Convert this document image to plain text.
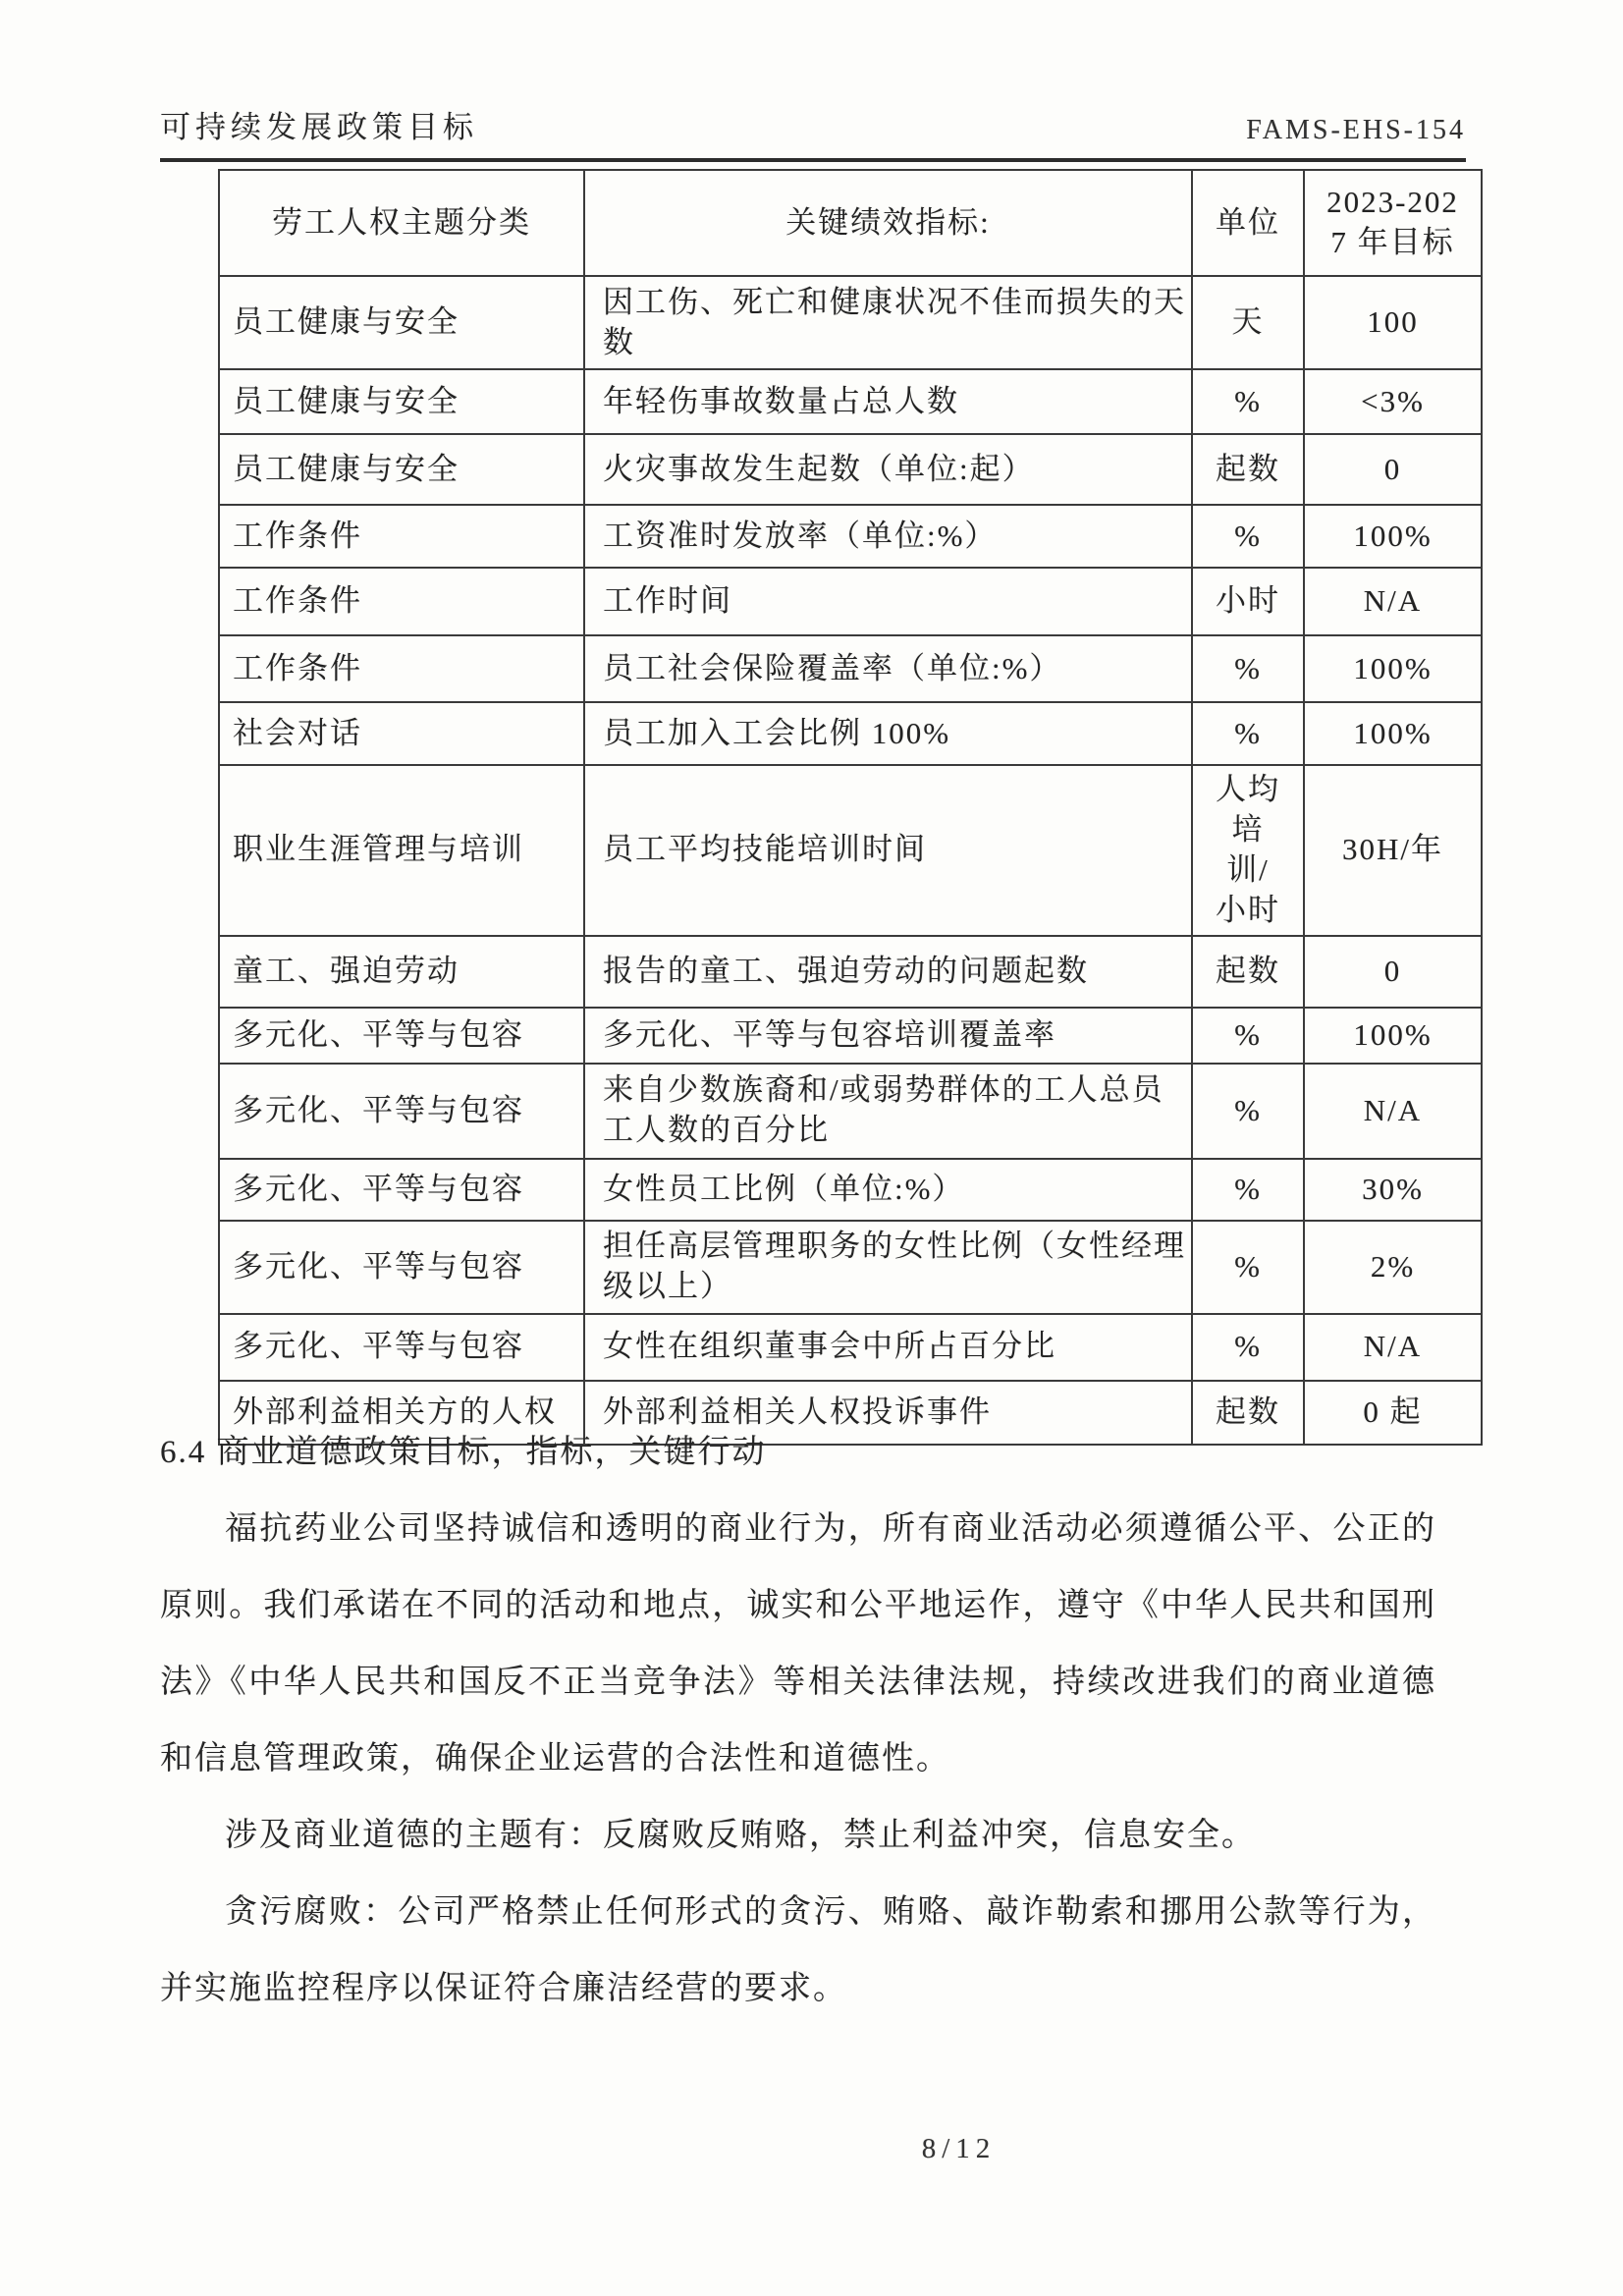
可持续发展政策目标	FAMS-EHS-154
劳工人权主题分类	关键绩效指标:	单位	2023-2027 年目标
员工健康与安全	因工伤、死亡和健康状况不佳而损失的天数	天	100
员工健康与安全	年轻伤事故数量占总人数	%	<3%
员工健康与安全	火灾事故发生起数（单位:起）	起数	0
工作条件	工资准时发放率（单位:%）	%	100%
工作条件	工作时间	小时	N/A
工作条件	员工社会保险覆盖率（单位:%）	%	100%
社会对话	员工加入工会比例 100%	%	100%
职业生涯管理与培训	员工平均技能培训时间	人均培训/小时	30H/年
童工、强迫劳动	报告的童工、强迫劳动的问题起数	起数	0
多元化、平等与包容	多元化、平等与包容培训覆盖率	%	100%
多元化、平等与包容	来自少数族裔和/或弱势群体的工人总员工人数的百分比	%	N/A
多元化、平等与包容	女性员工比例（单位:%）	%	30%
多元化、平等与包容	担任高层管理职务的女性比例（女性经理级以上）	%	2%
多元化、平等与包容	女性在组织董事会中所占百分比	%	N/A
外部利益相关方的人权	外部利益相关人权投诉事件	起数	0 起
6.4 商业道德政策目标，指标，关键行动

福抗药业公司坚持诚信和透明的商业行为，所有商业活动必须遵循公平、公正的原则。我们承诺在不同的活动和地点，诚实和公平地运作，遵守《中华人民共和国刑法》《中华人民共和国反不正当竞争法》等相关法律法规，持续改进我们的商业道德和信息管理政策，确保企业运营的合法性和道德性。

涉及商业道德的主题有：反腐败反贿赂，禁止利益冲突，信息安全。

贪污腐败：公司严格禁止任何形式的贪污、贿赂、敲诈勒索和挪用公款等行为，并实施监控程序以保证符合廉洁经营的要求。

8/12
